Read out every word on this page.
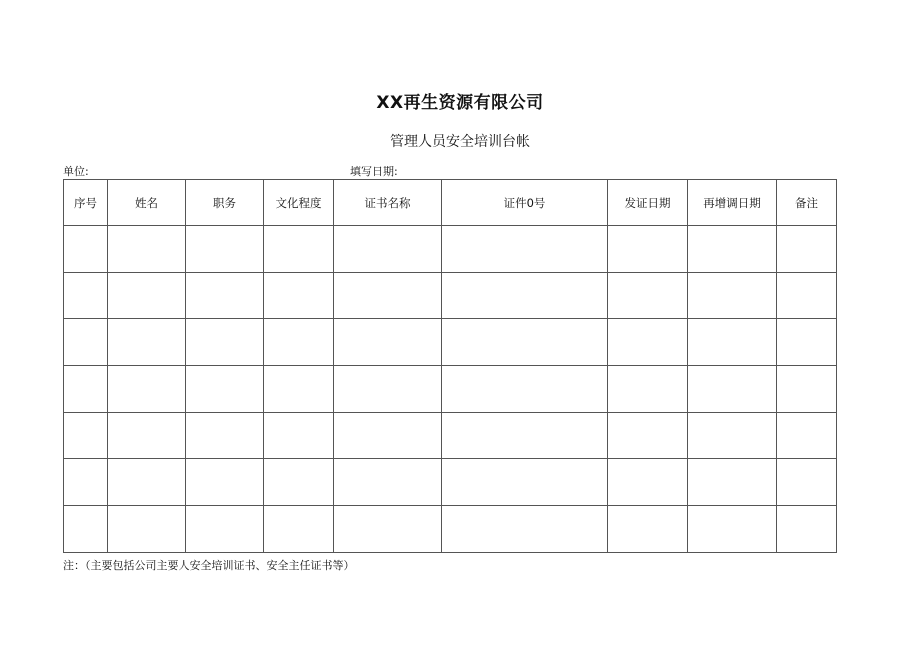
XX再生资源有限公司
管理人员安全培训台帐
单位:	填写日期:
序号	姓名	职务	文化程度	证书名称	证件0号	发证日期	再增调日期	备注

注：（主要包括公司主要人安全培训证书、安全主任证书等）
